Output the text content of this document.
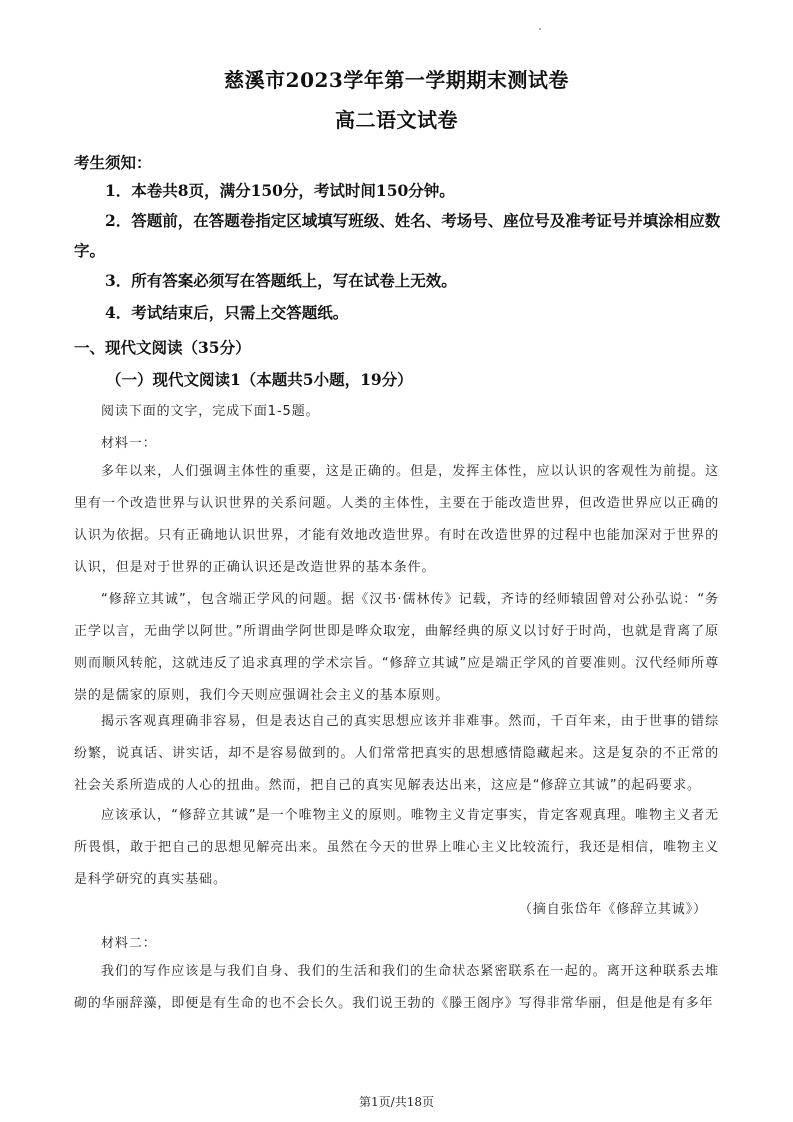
慈溪市2023学年第一学期期末测试卷
高二语文试卷
考生须知：
1．本卷共8页，满分150分，考试时间150分钟。
2．答题前，在答题卷指定区域填写班级、姓名、考场号、座位号及准考证号并填涂相应数字。
3．所有答案必须写在答题纸上，写在试卷上无效。
4．考试结束后，只需上交答题纸。
一、现代文阅读（35分）
（一）现代文阅读1（本题共5小题，19分）
阅读下面的文字，完成下面1-5题。
材料一：
多年以来，人们强调主体性的重要，这是正确的。但是，发挥主体性，应以认识的客观性为前提。这里有一个改造世界与认识世界的关系问题。人类的主体性，主要在于能改造世界，但改造世界应以正确的认识为依据。只有正确地认识世界，才能有效地改造世界。有时在改造世界的过程中也能加深对于世界的认识，但是对于世界的正确认识还是改造世界的基本条件。
“修辞立其诚”，包含端正学风的问题。据《汉书·儒林传》记载，齐诗的经师辕固曾对公孙弘说：“务正学以言，无曲学以阿世。”所谓曲学阿世即是哗众取宠，曲解经典的原义以讨好于时尚，也就是背离了原则而顺风转舵，这就违反了追求真理的学术宗旨。“修辞立其诚”应是端正学风的首要准则。汉代经师所尊崇的是儒家的原则，我们今天则应强调社会主义的基本原则。
揭示客观真理确非容易，但是表达自己的真实思想应该并非难事。然而，千百年来，由于世事的错综纷繁，说真话、讲实话，却不是容易做到的。人们常常把真实的思想感情隐藏起来。这是复杂的不正常的社会关系所造成的人心的扭曲。然而，把自己的真实见解表达出来，这应是“修辞立其诚”的起码要求。
应该承认，“修辞立其诚”是一个唯物主义的原则。唯物主义肯定事实，肯定客观真理。唯物主义者无所畏惧，敢于把自己的思想见解亮出来。虽然在今天的世界上唯心主义比较流行，我还是相信，唯物主义是科学研究的真实基础。
（摘自张岱年《修辞立其诚》）
材料二：
我们的写作应该是与我们自身、我们的生活和我们的生命状态紧密联系在一起的。离开这种联系去堆砌的华丽辞藻，即便是有生命的也不会长久。我们说王勃的《滕王阁序》写得非常华丽，但是他是有多年
第1页/共18页
